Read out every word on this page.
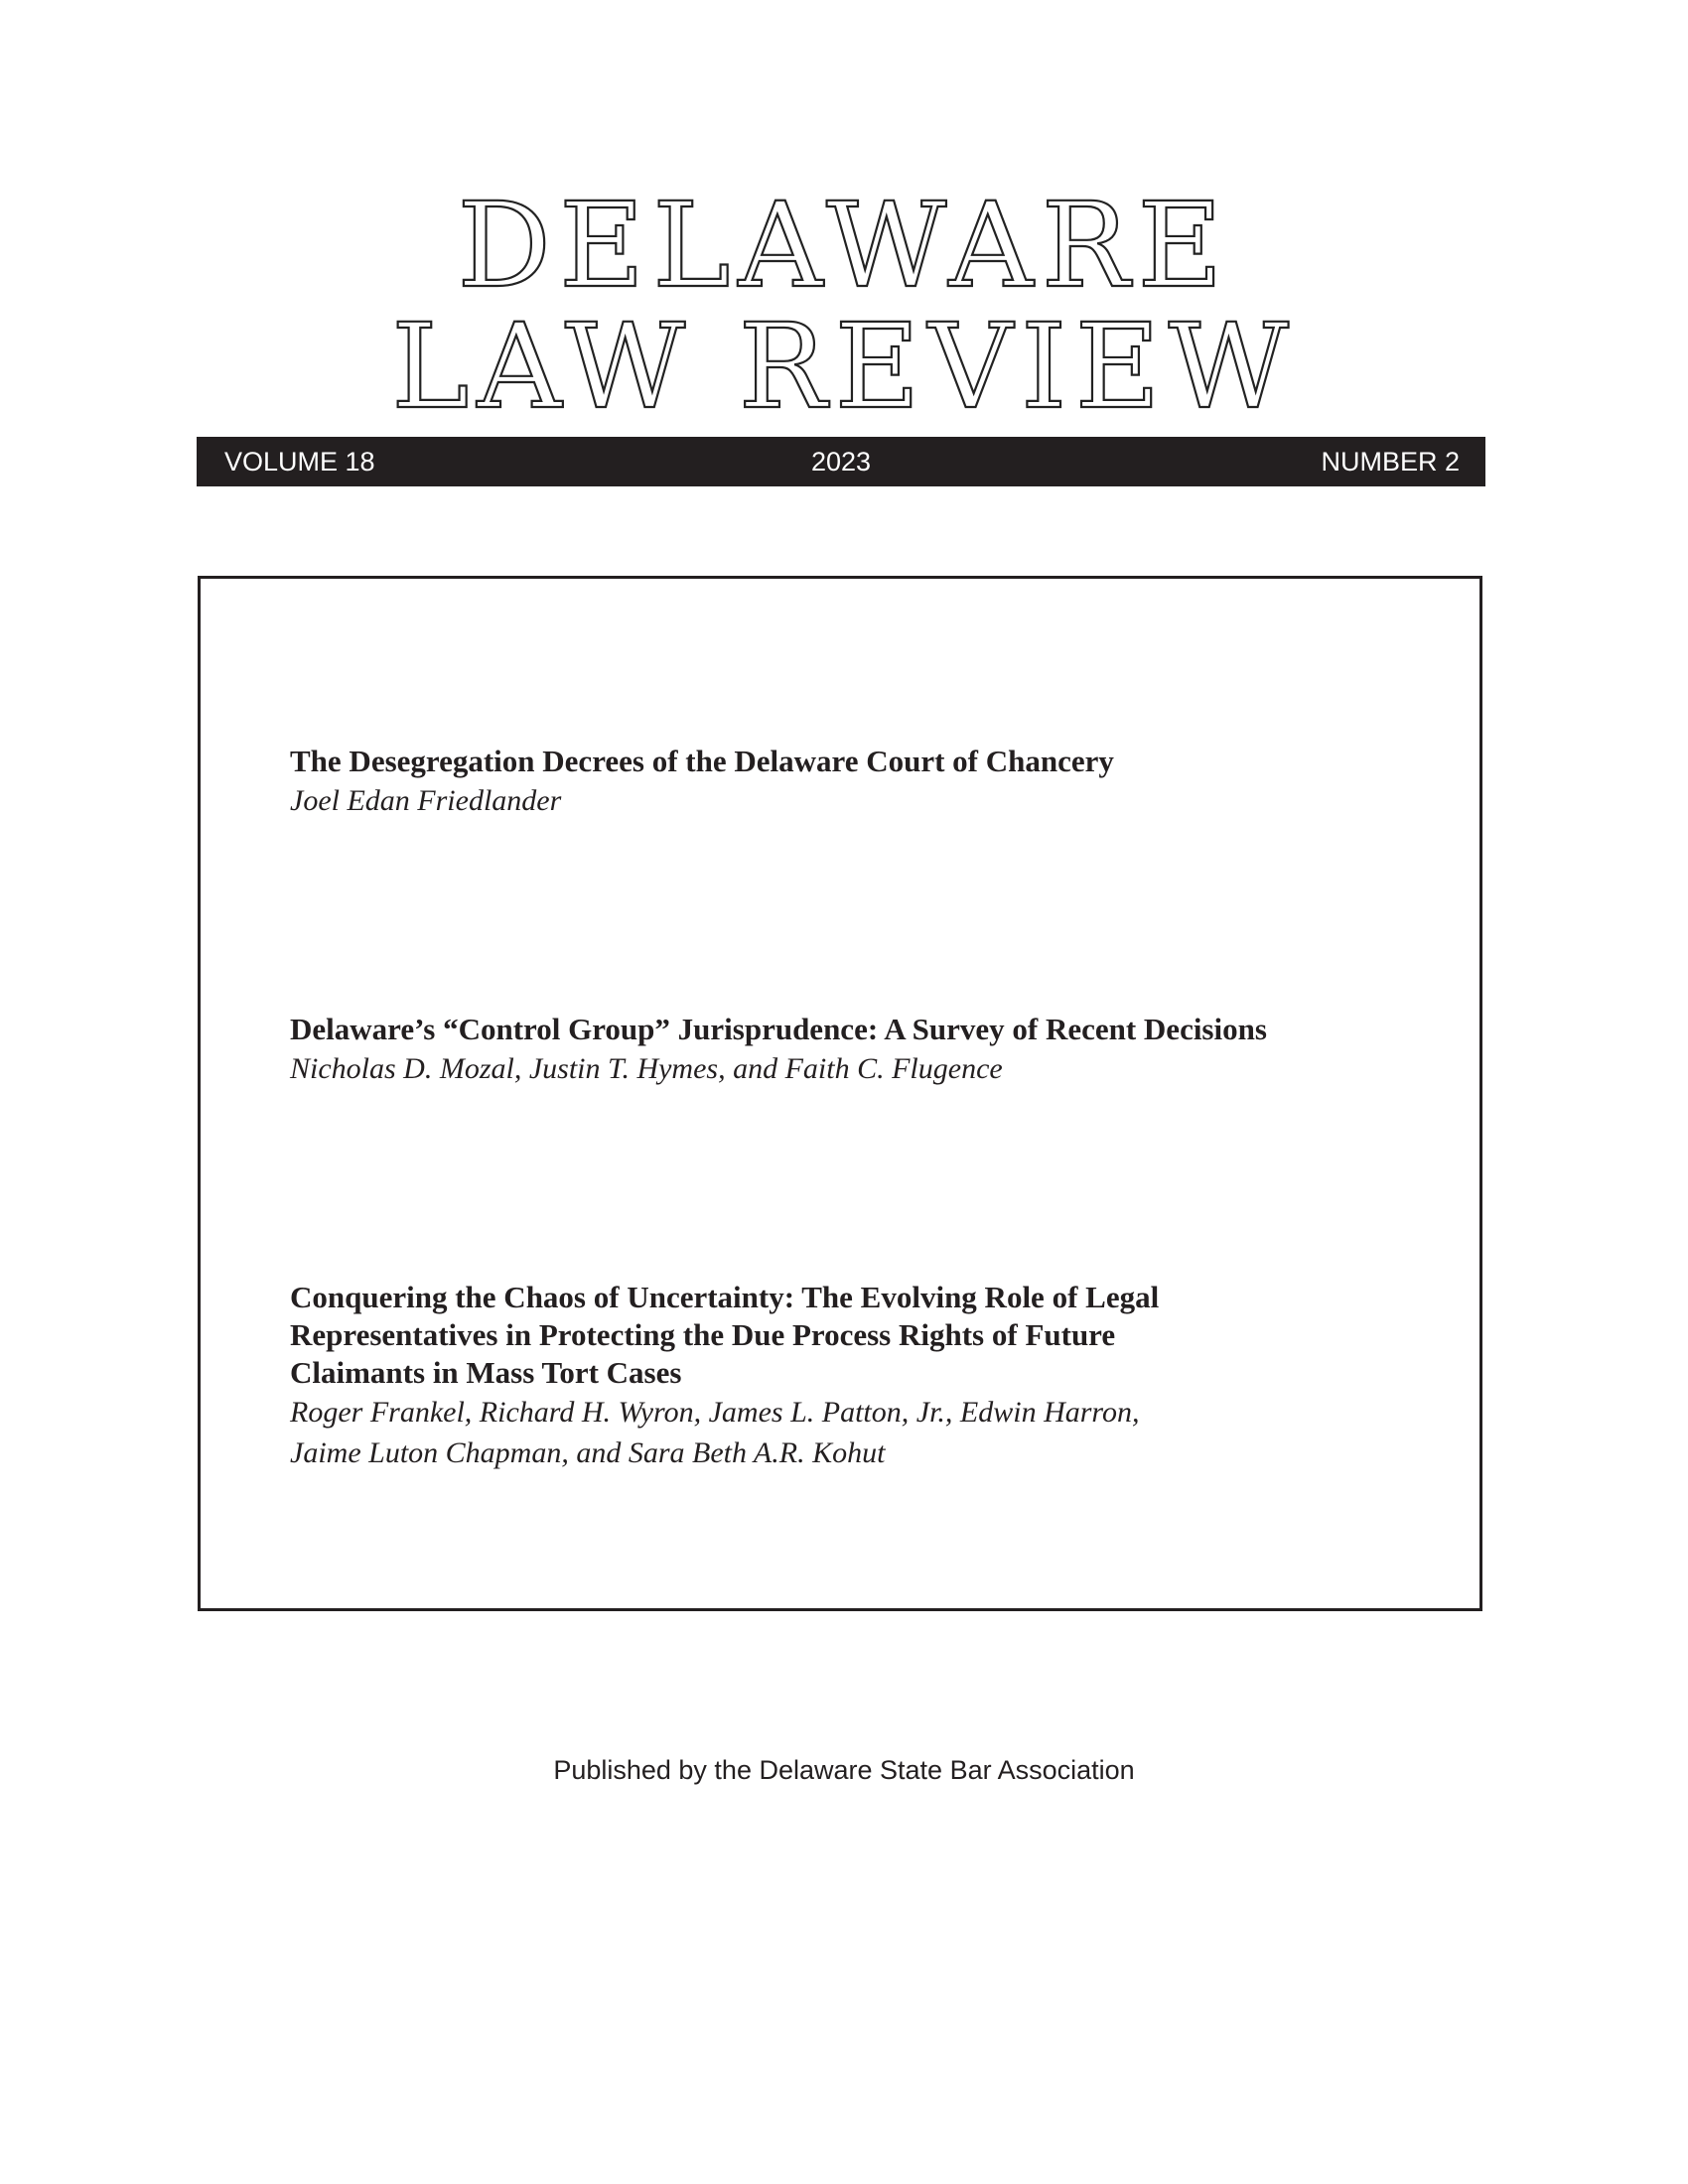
DELAWARE
LAW REVIEW
VOLUME 18	2023	NUMBER 2
The Desegregation Decrees of the Delaware Court of Chancery
Joel Edan Friedlander
Delaware’s “Control Group” Jurisprudence: A Survey of Recent Decisions
Nicholas D. Mozal, Justin T. Hymes, and Faith C. Flugence
Conquering the Chaos of Uncertainty: The Evolving Role of Legal
Representatives in Protecting the Due Process Rights of Future
Claimants in Mass Tort Cases
Roger Frankel, Richard H. Wyron, James L. Patton, Jr., Edwin Harron,
Jaime Luton Chapman, and Sara Beth A.R. Kohut
Published by the Delaware State Bar Association
